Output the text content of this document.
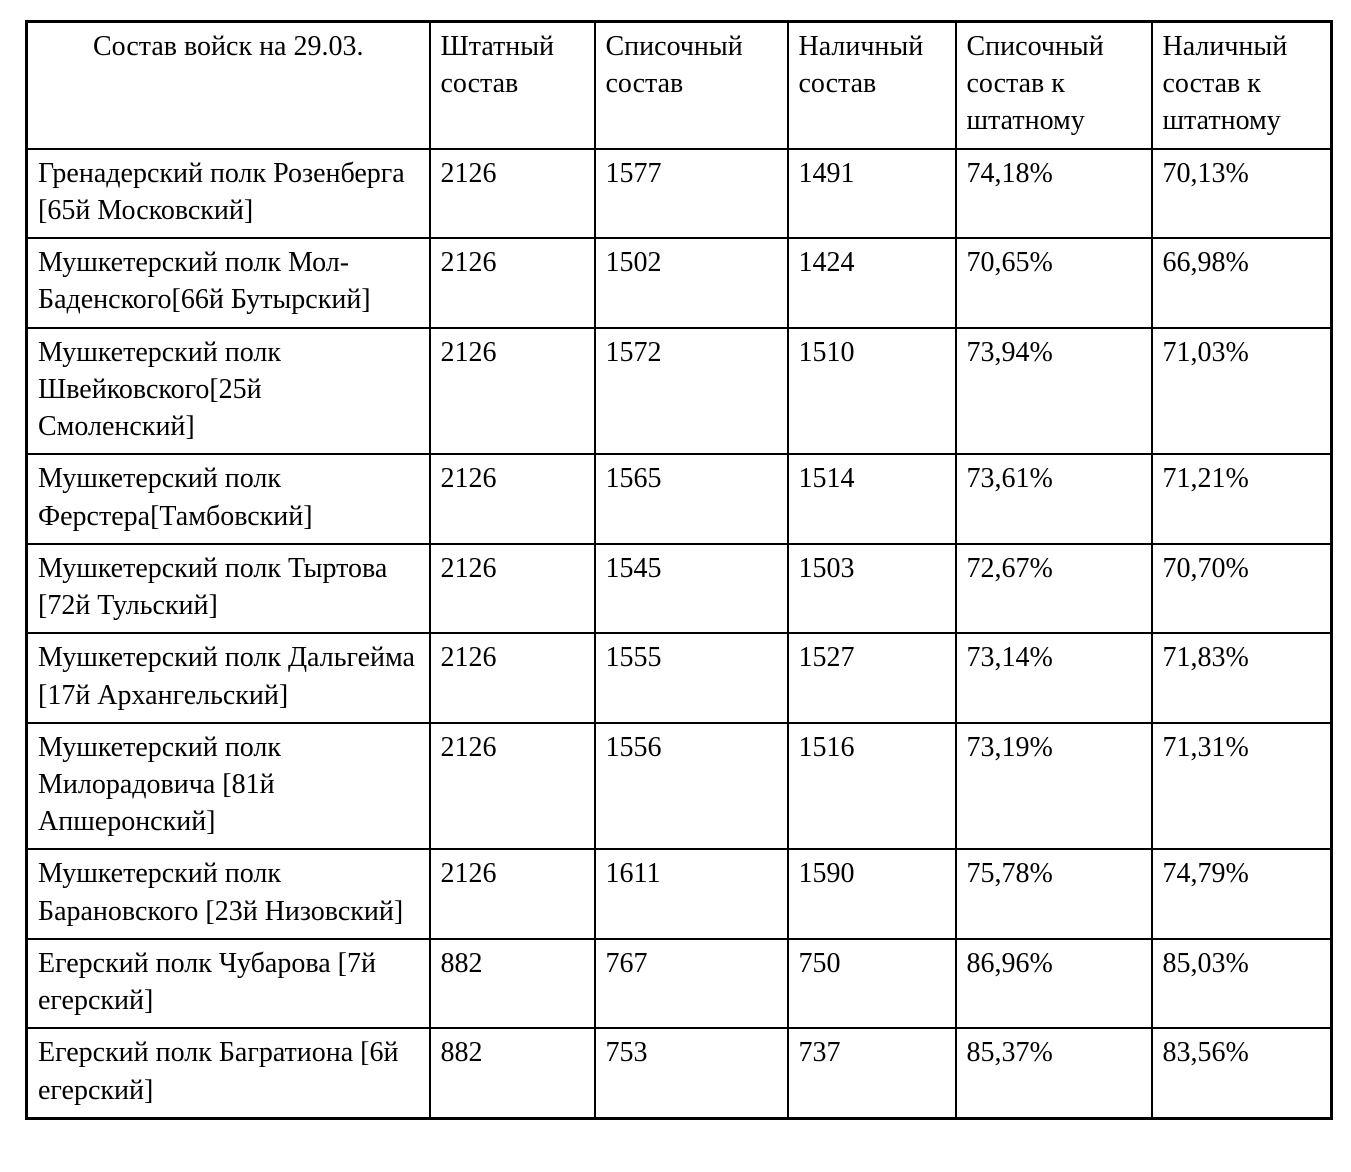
Состав войск на 29.03.	Штатный состав	Списочный состав	Наличный состав	Списочный состав к штатному	Наличный состав к штатному
Гренадерский полк Розенберга [65й Московский]	2126	1577	1491	74,18%	70,13%
Мушкетерский полк Мол-Баденского[66й Бутырский]	2126	1502	1424	70,65%	66,98%
Мушкетерский полк Швейковского[25й Смоленский]	2126	1572	1510	73,94%	71,03%
Мушкетерский полк Ферстера[Тамбовский]	2126	1565	1514	73,61%	71,21%
Мушкетерский полк Тыртова [72й Тульский]	2126	1545	1503	72,67%	70,70%
Мушкетерский полк Дальгейма [17й Архангельский]	2126	1555	1527	73,14%	71,83%
Мушкетерский полк Милорадовича [81й Апшеронский]	2126	1556	1516	73,19%	71,31%
Мушкетерский полк Барановского [23й Низовский]	2126	1611	1590	75,78%	74,79%
Егерский полк Чубарова [7й егерский]	882	767	750	86,96%	85,03%
Егерский полк Багратиона [6й егерский]	882	753	737	85,37%	83,56%
